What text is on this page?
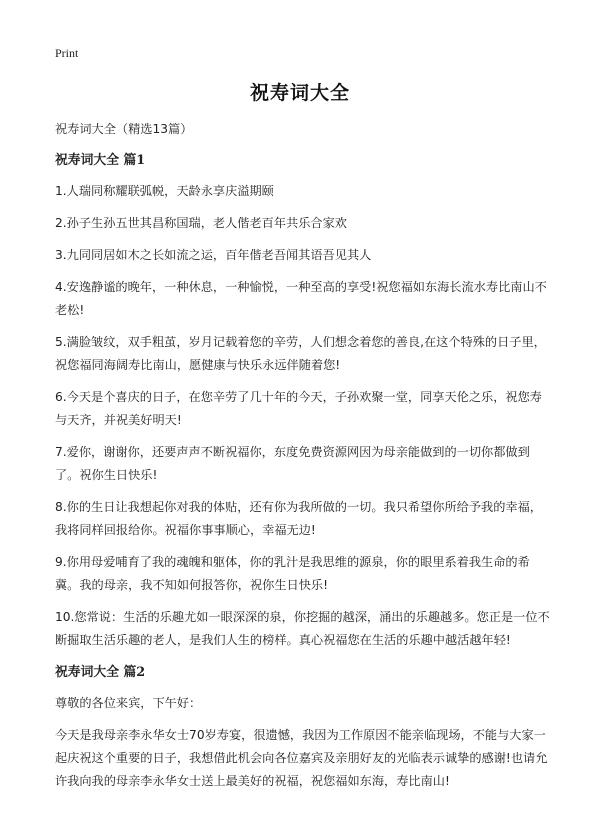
Print
祝寿词大全
祝寿词大全（精选13篇）
祝寿词大全 篇1
1.人瑞同称耀联弧帨，天龄永享庆溢期颐
2.孙子生孙五世其昌称国瑞，老人偕老百年共乐合家欢
3.九同同居如木之长如流之运，百年偕老吾闻其语吾见其人
4.安逸静谧的晚年，一种休息，一种愉悦，一种至高的享受!祝您福如东海长流水寿比南山不老松!
5.满脸皱纹，双手粗茧，岁月记载着您的辛劳，人们想念着您的善良,在这个特殊的日子里，祝您福同海阔寿比南山，愿健康与快乐永远伴随着您!
6.今天是个喜庆的日子，在您辛劳了几十年的今天，子孙欢聚一堂，同享天伦之乐，祝您寿与天齐，并祝美好明天!
7.爱你，谢谢你，还要声声不断祝福你，东度免费资源网因为母亲能做到的一切你都做到了。祝你生日快乐!
8.你的生日让我想起你对我的体贴，还有你为我所做的一切。我只希望你所给予我的幸福，我将同样回报给你。祝福你事事顺心，幸福无边!
9.你用母爱哺育了我的魂魄和躯体，你的乳汁是我思维的源泉，你的眼里系着我生命的希冀。我的母亲，我不知如何报答你，祝你生日快乐!
10.您常说：生活的乐趣尤如一眼深深的泉，你挖掘的越深，涌出的乐趣越多。您正是一位不断掘取生活乐趣的老人，是我们人生的榜样。真心祝福您在生活的乐趣中越活越年轻!
祝寿词大全 篇2
尊敬的各位来宾，下午好：
今天是我母亲李永华女士70岁寿宴，很遗憾，我因为工作原因不能亲临现场，不能与大家一起庆祝这个重要的日子，我想借此机会向各位嘉宾及亲朋好友的光临表示诚挚的感谢!也请允许我向我的母亲李永华女士送上最美好的祝福，祝您福如东海，寿比南山!
